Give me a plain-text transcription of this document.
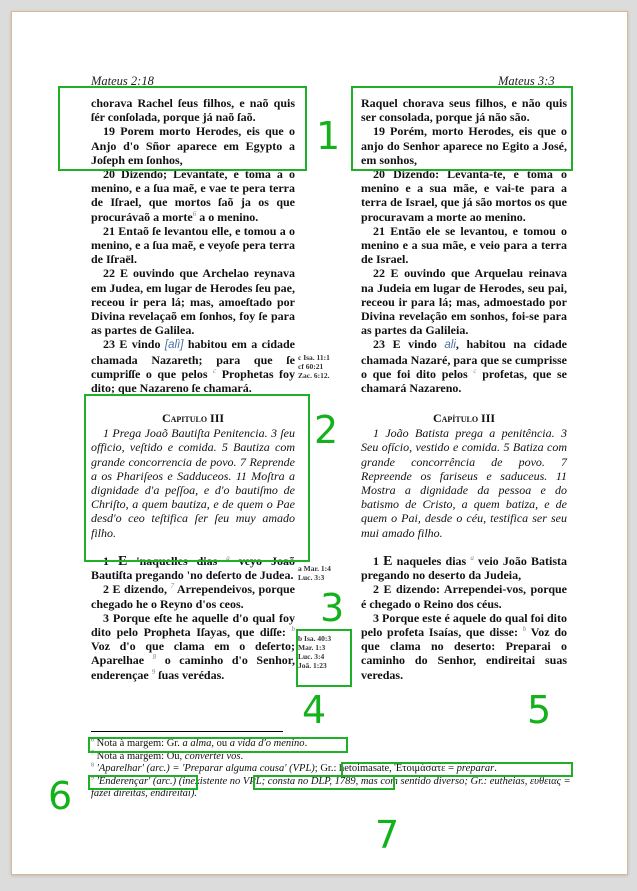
Mateus 2:18	Mateus 3:3

chorava Rachel ſeus filhos, e naõ quis ſér conſolada, porque já naõ ſaõ.

19 Porem morto Herodes, eis que o Anjo d'o Sñor aparece em Egypto a Joſeph em ſonhos,

20 Dizendo; Levantate, e toma a o menino, e a ſua maẽ, e vae te pera terra de Iſrael, que mortos ſaõ ja os que procurávaõ a morte$^6$ a o menino.

21 Entaõ ſe levantou elle, e tomou a o menino, e a ſua maẽ, e veyoſe pera terra de Iſraël.

22 E ouvindo que Archelao reynava em Judea, em lugar de Herodes ſeu pae, receou ir pera lá; mas, amoeſtado por Divina revelaçaõ em ſonhos, foy ſe para as partes de Galilea.

23 E vindo [alì] habitou em a cidade chamada Nazareth; para que ſe cumpriſſe o que pelos $^c$ Prophetas foy dito; que Nazareno ſe chamará.

Capitulo III

1 Prega Joaõ Bautiſta Penitencia. 3 ſeu officio, veſtido e comida. 5 Bautiza com grande concorrencia de povo. 7 Reprende a os Phariſeos e Sadduceos. 11 Moſtra a dignidade d'a peſſoa, e d'o bautiſmo de Chriſto, a quem bautiza, e de quem o Pae desd'o ceo teſtifica ſer ſeu muy amado filho.

1 E 'naquelles dias $^a$ veyo Joaõ Bautiſta pregando 'no deſerto de Judea.

2 E dizendo, $^7$ Arrependeivos, porque chegado he o Reyno d'os ceos.

3 Porque eſte he aquelle d'o qual foy dito pelo Propheta Iſayas, que diſſe: $^b$ Voz d'o que clama em o deſerto; Aparelhae $^8$ o caminho d'o Senhor, enderençae $^9$ ſuas verédas.

c Isa. 11:1
cf 60:21
Zac. 6:12.
a Mar. 1:4
Luc. 3:3
b Isa. 40:3
Mar. 1:3
Luc. 3:4
Joã. 1:23

Raquel chorava seus filhos, e não quis ser consolada, porque já não são.

19 Porém, morto Herodes, eis que o anjo do Senhor aparece no Egito a José, em sonhos,

20 Dizendo: Levanta-te, e toma o menino e a sua mãe, e vai-te para a terra de Israel, que já são mortos os que procuravam a morte ao menino.

21 Então ele se levantou, e tomou o menino e a sua mãe, e veio para a terra de Israel.

22 E ouvindo que Arquelau reinava na Judeia em lugar de Herodes, seu pai, receou ir para lá; mas, admoestado por Divina revelação em sonhos, foi-se para as partes da Galileia.

23 E vindo ali, habitou na cidade chamada Nazaré, para que se cumprisse o que foi dito pelos $^c$ profetas, que se chamará Nazareno.

Capítulo III

1 João Batista prega a penitência. 3 Seu ofício, vestido e comida. 5 Batiza com grande concorrência de povo. 7 Repreende os fariseus e saduceus. 11 Mostra a dignidade da pessoa e do batismo de Cristo, a quem batiza, e de quem o Pai, desde o céu, testifica ser seu mui amado filho.

1 E naqueles dias $^a$ veio João Batista pregando no deserto da Judeia,

2 E dizendo: Arrependei-vos, porque é chegado o Reino dos céus.

3 Porque este é aquele do qual foi dito pelo profeta Isaías, que disse: $^b$ Voz do que clama no deserto: Preparai o caminho do Senhor, endireitai suas veredas.

$^6$ Nota à margem: Gr. a alma, ou a vida d'o menino.

$^7$ Nota à margem: Ou, convertei vos.

$^8$ 'Aparelhar' (arc.) = 'Preparar alguma cousa' (VPL); Gr.: hetoimasate, Ἑτοιμάσατε = preparar.

$^9$ 'Enderençar' (arc.) (inexistente no VPL; consta no DLP, 1789, mas com sentido diverso; Gr.: eutheias, ευθειας = fazei direitas, endireitai).

1
2
3
4	5
6
7
